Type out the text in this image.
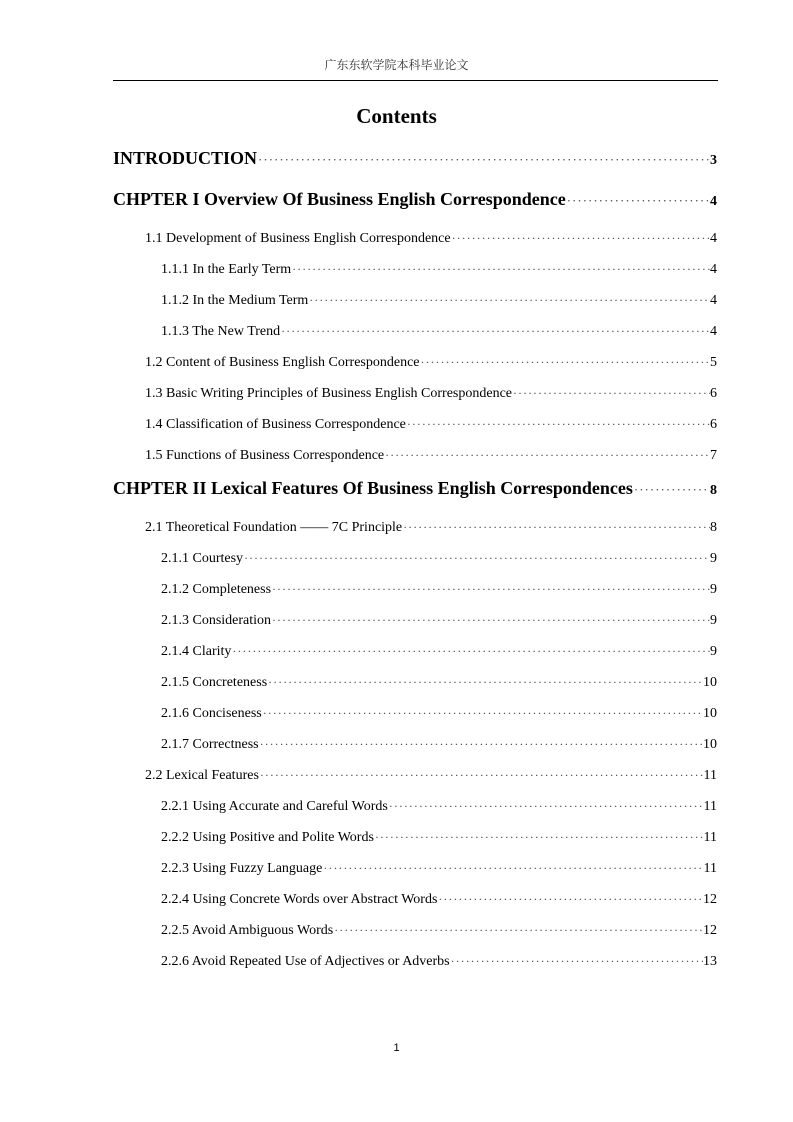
广东东软学院本科毕业论文
Contents
INTRODUCTION ·····	3
CHPTER I Overview Of Business English Correspondence ·····	4
1.1 Development of Business English Correspondence ·····	4
1.1.1 In the Early Term ·····	4
1.1.2 In the Medium Term ·····	4
1.1.3 The New Trend ·····	4
1.2 Content of Business English Correspondence ·····	5
1.3 Basic Writing Principles of Business English Correspondence ·····	6
1.4 Classification of Business Correspondence ·····	6
1.5 Functions of Business Correspondence ·····	7
CHPTER II Lexical Features Of Business English Correspondences ·····	8
2.1 Theoretical Foundation —— 7C Principle ·····	8
2.1.1 Courtesy ·····	9
2.1.2 Completeness ·····	9
2.1.3 Consideration ·····	9
2.1.4 Clarity ·····	9
2.1.5 Concreteness ·····	10
2.1.6 Conciseness ·····	10
2.1.7 Correctness ·····	10
2.2 Lexical Features ·····	11
2.2.1 Using Accurate and Careful Words ·····	11
2.2.2 Using Positive and Polite Words ·····	11
2.2.3 Using Fuzzy Language ·····	11
2.2.4 Using Concrete Words over Abstract Words ·····	12
2.2.5 Avoid Ambiguous Words ·····	12
2.2.6 Avoid Repeated Use of Adjectives or Adverbs ·····	13
1
